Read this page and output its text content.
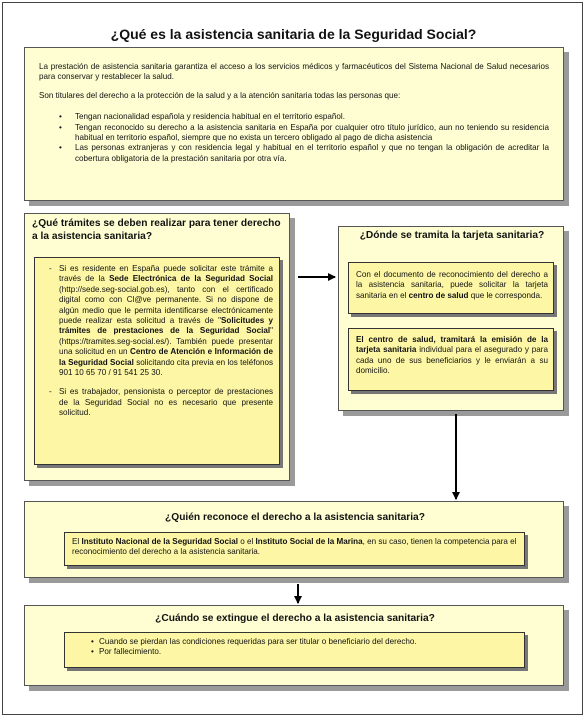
¿Qué es la asistencia sanitaria de la Seguridad Social?
La prestación de asistencia sanitaria garantiza el acceso a los servicios médicos y farmacéuticos del Sistema Nacional de Salud necesarios para conservar y restablecer la salud.
Son titulares del derecho a la protección de la salud y a la atención sanitaria todas las personas que:
• Tengan nacionalidad española y residencia habitual en el territorio español.
• Tengan reconocido su derecho a la asistencia sanitaria en España por cualquier otro título jurídico, aun no teniendo su residencia habitual en territorio español, siempre que no exista un tercero obligado al pago de dicha asistencia
• Las personas extranjeras y con residencia legal y habitual en el territorio español y que no tengan la obligación de acreditar la cobertura obligatoria de la prestación sanitaria por otra vía.
¿Qué trámites se deben realizar para tener derecho a la asistencia sanitaria?
- Si es residente en España puede solicitar este trámite a través de la Sede Electrónica de la Seguridad Social (http://sede.seg-social.gob.es), tanto con el certificado digital como con Cl@ve permanente. Si no dispone de algún medio que le permita identificarse electrónicamente puede realizar esta solicitud a través de "Solicitudes y trámites de prestaciones de la Seguridad Social" (https://tramites.seg-social.es/). También puede presentar una solicitud en un Centro de Atención e Información de la Seguridad Social solicitando cita previa en los teléfonos 901 10 65 70 / 91 541 25 30.
- Si es trabajador, pensionista o perceptor de prestaciones de la Seguridad Social no es necesario que presente solicitud.
¿Dónde se tramita la tarjeta sanitaria?
Con el documento de reconocimiento del derecho a la asistencia sanitaria, puede solicitar la tarjeta sanitaria en el centro de salud que le corresponda.
El centro de salud, tramitará la emisión de la tarjeta sanitaria individual para el asegurado y para cada uno de sus beneficiarios y le enviarán a su domicilio.
¿Quién reconoce el derecho a la asistencia sanitaria?
El Instituto Nacional de la Seguridad Social o el Instituto Social de la Marina, en su caso, tienen la competencia para el reconocimiento del derecho a la asistencia sanitaria.
¿Cuándo se extingue el derecho a la asistencia sanitaria?
• Cuando se pierdan las condiciones requeridas para ser titular o beneficiario del derecho.
• Por fallecimiento.
